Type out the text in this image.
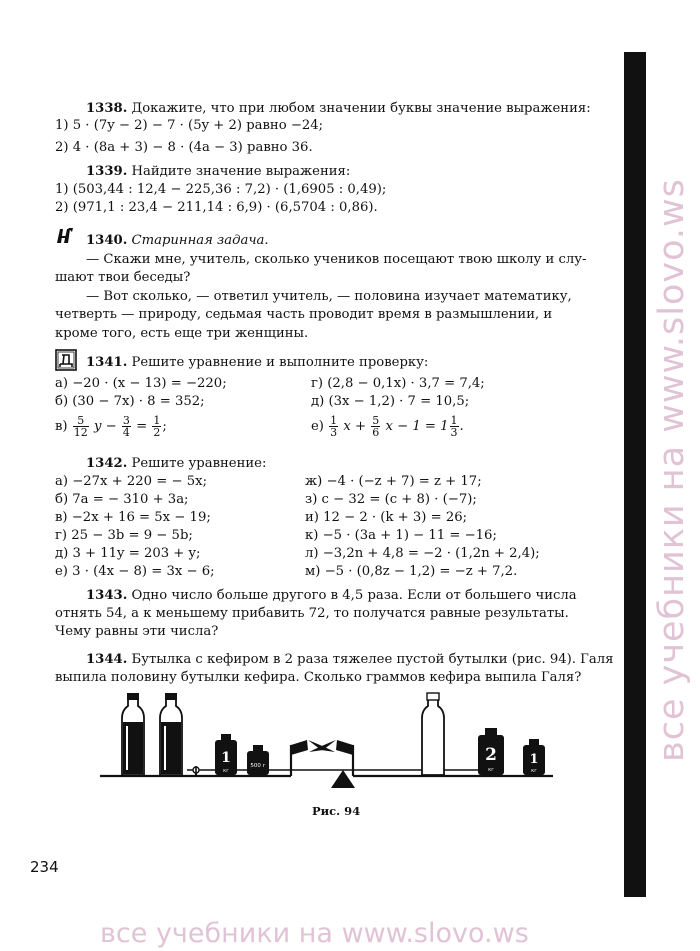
1338. Докажите, что при любом значении буквы значение выражения:
1) 5 · (7y − 2) − 7 · (5y + 2) равно −24;
2) 4 · (8a + 3) − 8 · (4a − 3) равно 36.
1339. Найдите значение выражения:
1) (503,44 : 12,4 − 225,36 : 7,2) · (1,6905 : 0,49);
2) (971,1 : 23,4 − 211,14 : 6,9) · (6,5704 : 0,86).
1340. Старинная задача.
— Скажи мне, учитель, сколько учеников посещают твою школу и слу-
шают твои беседы?
— Вот сколько, — ответил учитель, — половина изучает математику,
четверть — природу, седьмая часть проводит время в размышлении, и
кроме того, есть еще три женщины.
1341. Решите уравнение и выполните проверку:
а) −20 · (x − 13) = −220;	г) (2,8 − 0,1x) · 3,7 = 7,4;
б) (30 − 7x) · 8 = 352;	д) (3x − 1,2) · 7 = 10,5;
$в) \frac{5}{12}$ $y - \frac{3}{4} = \frac{1}{2}$ ;	$е) \frac{1}{3}$ $x + \frac{5}{6}$ $x - 1 = 1 \frac{1}{3}$ .
1342. Решите уравнение:
а) −27x + 220 = − 5x;
б) 7a = − 310 + 3a;
в) −2x + 16 = 5x − 19;
г) 25 − 3b = 9 − 5b;
д) 3 + 11y = 203 + y;
е) 3 · (4x − 8) = 3x − 6;
ж) −4 · (−z + 7) = z + 17;
з) c − 32 = (c + 8) · (−7);
и) 12 − 2 · (k + 3) = 26;
к) −5 · (3a + 1) − 11 = −16;
л) −3,2n + 4,8 = −2 · (1,2n + 2,4);
м) −5 · (0,8z − 1,2) = −z + 7,2.
1343. Одно число больше другого в 4,5 раза. Если от большего числа
отнять 54, а к меньшему прибавить 72, то получатся равные результаты.
Чему равны эти числа?
1344. Бутылка с кефиром в 2 раза тяжелее пустой бутылки (рис. 94). Галя
выпила половину бутылки кефира. Сколько граммов кефира выпила Галя?
1
кг
500 г
2
кг
1
кг
Рис. 94
234
все учебники на www.slovo.ws
все учебники на www.slovo.ws
